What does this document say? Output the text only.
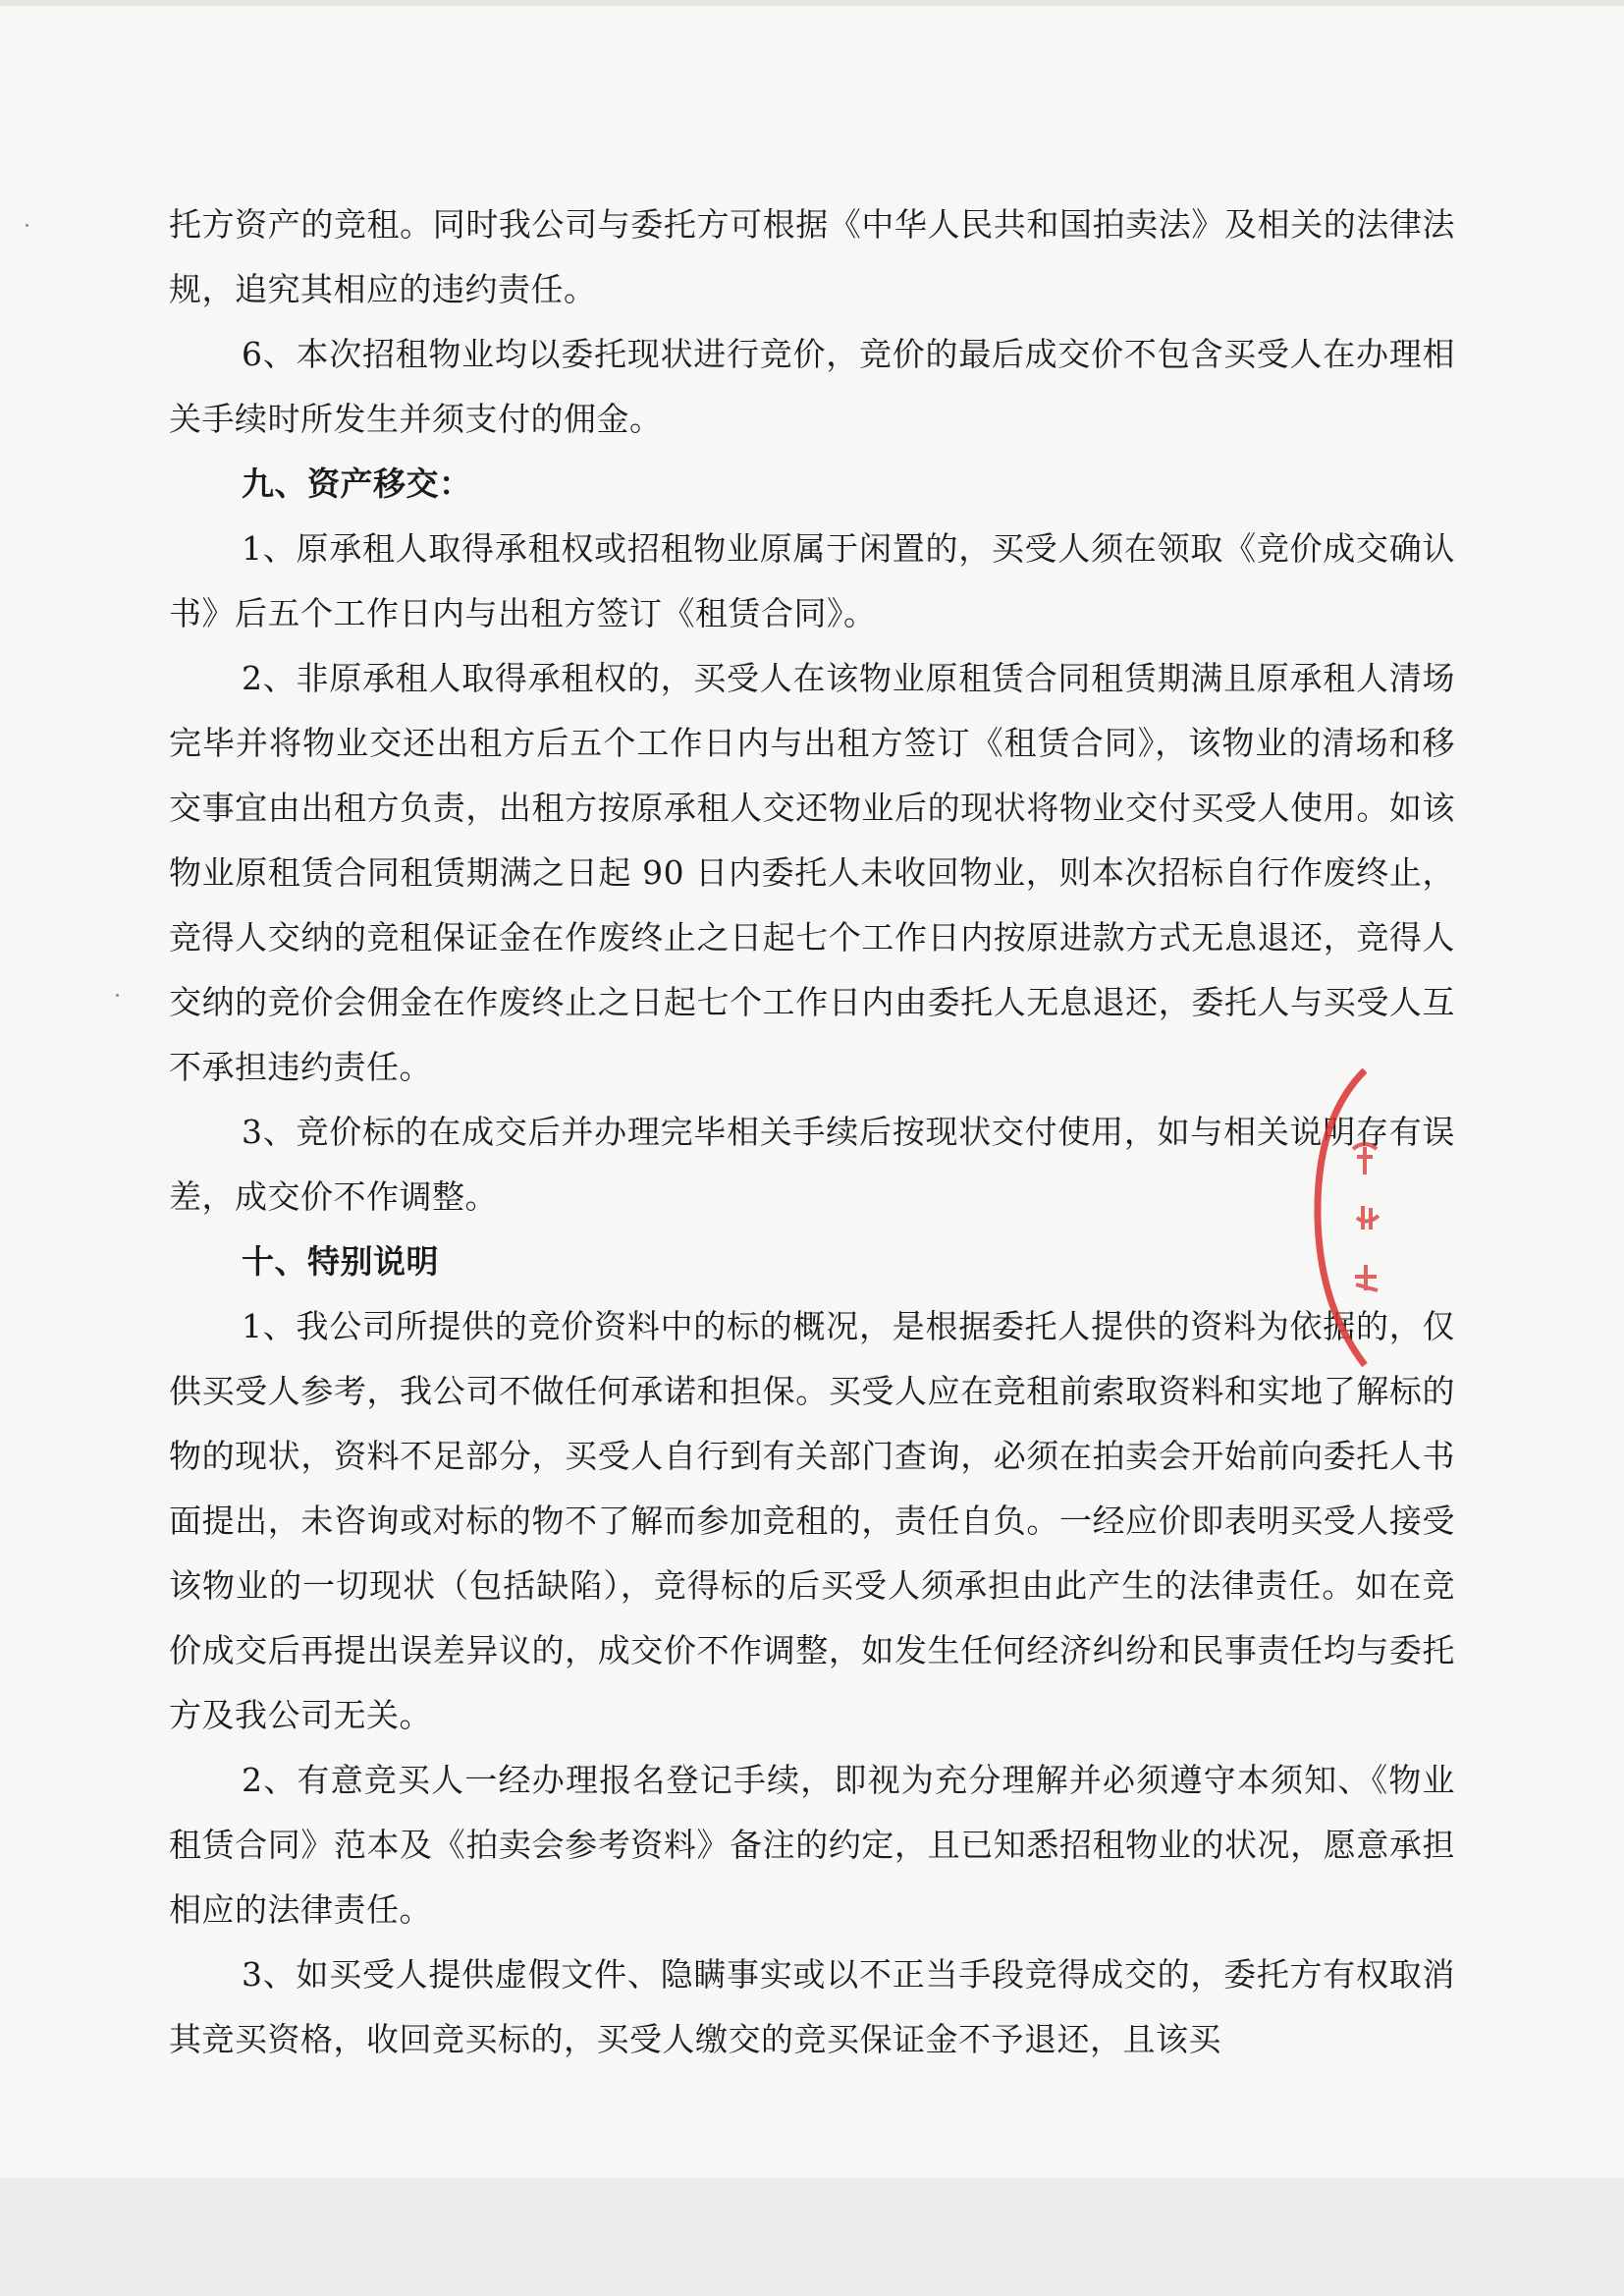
托方资产的竞租。同时我公司与委托方可根据《中华人民共和国拍卖法》及相关的法律法规，追究其相应的违约责任。

6、本次招租物业均以委托现状进行竞价，竞价的最后成交价不包含买受人在办理相关手续时所发生并须支付的佣金。

九、资产移交：

1、原承租人取得承租权或招租物业原属于闲置的，买受人须在领取《竞价成交确认书》后五个工作日内与出租方签订《租赁合同》。

2、非原承租人取得承租权的，买受人在该物业原租赁合同租赁期满且原承租人清场完毕并将物业交还出租方后五个工作日内与出租方签订《租赁合同》，该物业的清场和移交事宜由出租方负责，出租方按原承租人交还物业后的现状将物业交付买受人使用。如该物业原租赁合同租赁期满之日起 90 日内委托人未收回物业，则本次招标自行作废终止，竞得人交纳的竞租保证金在作废终止之日起七个工作日内按原进款方式无息退还，竞得人交纳的竞价会佣金在作废终止之日起七个工作日内由委托人无息退还，委托人与买受人互不承担违约责任。

3、竞价标的在成交后并办理完毕相关手续后按现状交付使用，如与相关说明存有误差，成交价不作调整。

十、特别说明

1、我公司所提供的竞价资料中的标的概况，是根据委托人提供的资料为依据的，仅供买受人参考，我公司不做任何承诺和担保。买受人应在竞租前索取资料和实地了解标的物的现状，资料不足部分，买受人自行到有关部门查询，必须在拍卖会开始前向委托人书面提出，未咨询或对标的物不了解而参加竞租的，责任自负。一经应价即表明买受人接受该物业的一切现状（包括缺陷），竞得标的后买受人须承担由此产生的法律责任。如在竞价成交后再提出误差异议的，成交价不作调整，如发生任何经济纠纷和民事责任均与委托方及我公司无关。

2、有意竞买人一经办理报名登记手续，即视为充分理解并必须遵守本须知、《物业租赁合同》范本及《拍卖会参考资料》备注的约定，且已知悉招租物业的状况，愿意承担相应的法律责任。

3、如买受人提供虚假文件、隐瞒事实或以不正当手段竞得成交的，委托方有权取消其竞买资格，收回竞买标的，买受人缴交的竞买保证金不予退还，且该买
